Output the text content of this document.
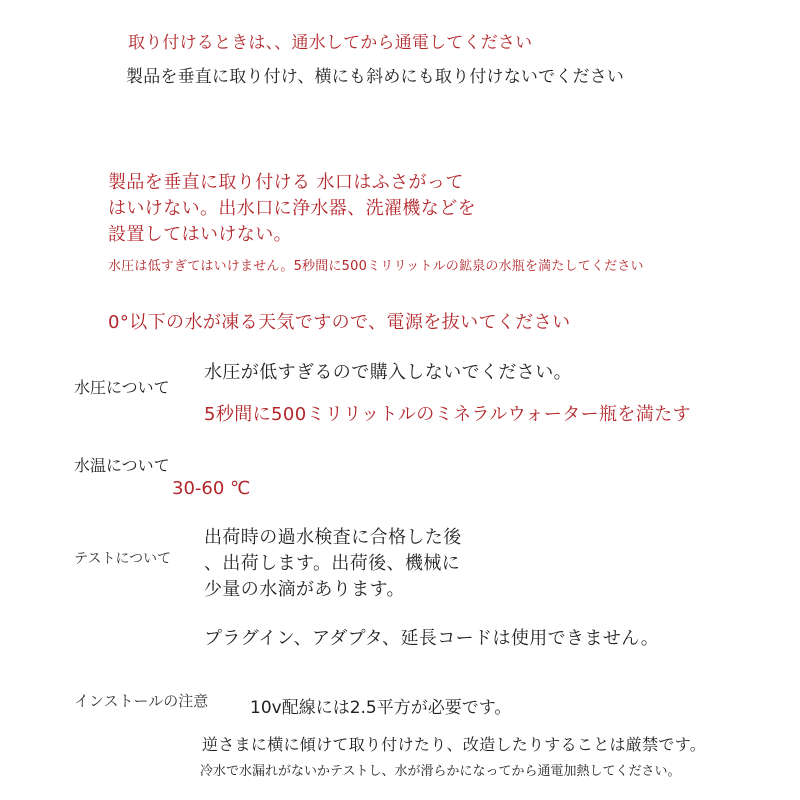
取り付けるときは、、通水してから通電してください

製品を垂直に取り付け、横にも斜めにも取り付けないでください

製品を垂直に取り付ける 水口はふさがって

はいけない。出水口に浄水器、洗濯機などを

設置してはいけない。

水圧は低すぎてはいけません。5秒間に500ミリリットルの鉱泉の水瓶を満たしてください

0°以下の水が凍る天気ですので、電源を抜いてください

水圧について

水圧が低すぎるので購入しないでください。

5秒間に500ミリリットルのミネラルウォーター瓶を満たす

水温について

30-60 ℃

テストについて

出荷時の過水検査に合格した後

、出荷します。出荷後、機械に

少量の水滴があります。

プラグイン、アダプタ、延長コードは使用できません。

インストールの注意 10v配線には2.5平方が必要です。

逆さまに横に傾けて取り付けたり、改造したりすることは厳禁です。

冷水で水漏れがないかテストし、水が滑らかになってから通電加熱してください。
